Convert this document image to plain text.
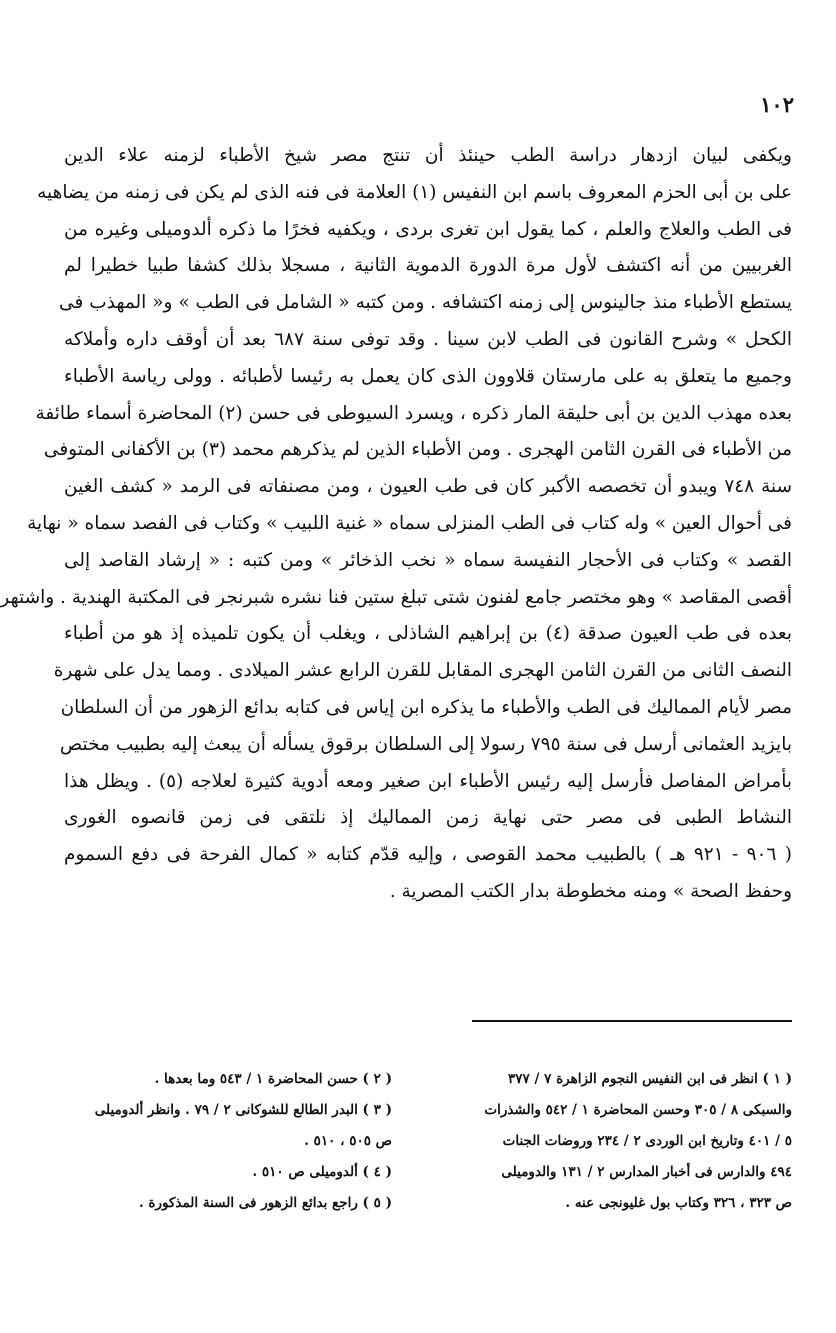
١٠٢
ويكفى لبيان ازدهار دراسة الطب حينئذ أن تنتج مصر شيخ الأطباء لزمنه علاء الدين
على بن أبى الحزم المعروف باسم ابن النفيس (١) العلامة فى فنه الذى لم يكن فى زمنه من يضاهيه
فى الطب والعلاج والعلم ، كما يقول ابن تغرى بردى ، ويكفيه فخرًا ما ذكره ألدوميلى وغيره من
الغربيين من أنه اكتشف لأول مرة الدورة الدموية الثانية ، مسجلا بذلك كشفا طبيا خطيرا لم
يستطع الأطباء منذ جالينوس إلى زمنه اكتشافه . ومن كتبه « الشامل فى الطب » و« المهذب فى
الكحل » وشرح القانون فى الطب لابن سينا . وقد توفى سنة ٦٨٧ بعد أن أوقف داره وأملاكه
وجميع ما يتعلق به على مارستان قلاوون الذى كان يعمل به رئيسا لأطبائه . وولى رياسة الأطباء
بعده مهذب الدين بن أبى حليقة المار ذكره ، ويسرد السيوطى فى حسن (٢) المحاضرة أسماء طائفة
من الأطباء فى القرن الثامن الهجرى . ومن الأطباء الذين لم يذكرهم محمد (٣) بن الأكفانى المتوفى
سنة ٧٤٨ ويبدو أن تخصصه الأكبر كان فى طب العيون ، ومن مصنفاته فى الرمد « كشف الغين
فى أحوال العين » وله كتاب فى الطب المنزلى سماه « غنية اللبيب » وكتاب فى الفصد سماه « نهاية
القصد » وكتاب فى الأحجار النفيسة سماه « نخب الذخائر » ومن كتبه : « إرشاد القاصد إلى
أقصى المقاصد » وهو مختصر جامع لفنون شتى تبلغ ستين فنا نشره شبرنجر فى المكتبة الهندية . واشتهر
بعده فى طب العيون صدقة (٤) بن إبراهيم الشاذلى ، ويغلب أن يكون تلميذه إذ هو من أطباء
النصف الثانى من القرن الثامن الهجرى المقابل للقرن الرابع عشر الميلادى . ومما يدل على شهرة
مصر لأيام المماليك فى الطب والأطباء ما يذكره ابن إياس فى كتابه بدائع الزهور من أن السلطان
بايزيد العثمانى أرسل فى سنة ٧٩٥ رسولا إلى السلطان برقوق يسأله أن يبعث إليه بطبيب مختص
بأمراض المفاصل فأرسل إليه رئيس الأطباء ابن صغير ومعه أدوية كثيرة لعلاجه (٥) . ويظل هذا
النشاط الطبى فى مصر حتى نهاية زمن المماليك إذ نلتقى فى زمن قانصوه الغورى
( ٩٠٦ - ٩٢١ هـ ) بالطبيب محمد القوصى ، وإليه قدّم كتابه « كمال الفرحة فى دفع السموم
وحفظ الصحة » ومنه مخطوطة بدار الكتب المصرية .
( ١ ) انظر فى ابن النفيس النجوم الزاهرة ٧ / ٣٧٧
والسبكى ٨ / ٣٠٥ وحسن المحاضرة ١ / ٥٤٢ والشذرات
٥ / ٤٠١ وتاريخ ابن الوردى ٢ / ٢٣٤ وروضات الجنات
٤٩٤ والدارس فى أخبار المدارس ٢ / ١٣١ والدوميلى
ص ٣٢٣ ، ٣٢٦ وكتاب بول غليونجى عنه .
( ٢ ) حسن المحاضرة ١ / ٥٤٣ وما بعدها .
( ٣ ) البدر الطالع للشوكانى ٢ / ٧٩ . وانظر ألدوميلى
ص ٥٠٥ ، ٥١٠ .
( ٤ ) ألدوميلى ص ٥١٠ .
( ٥ ) راجع بدائع الزهور فى السنة المذكورة .
